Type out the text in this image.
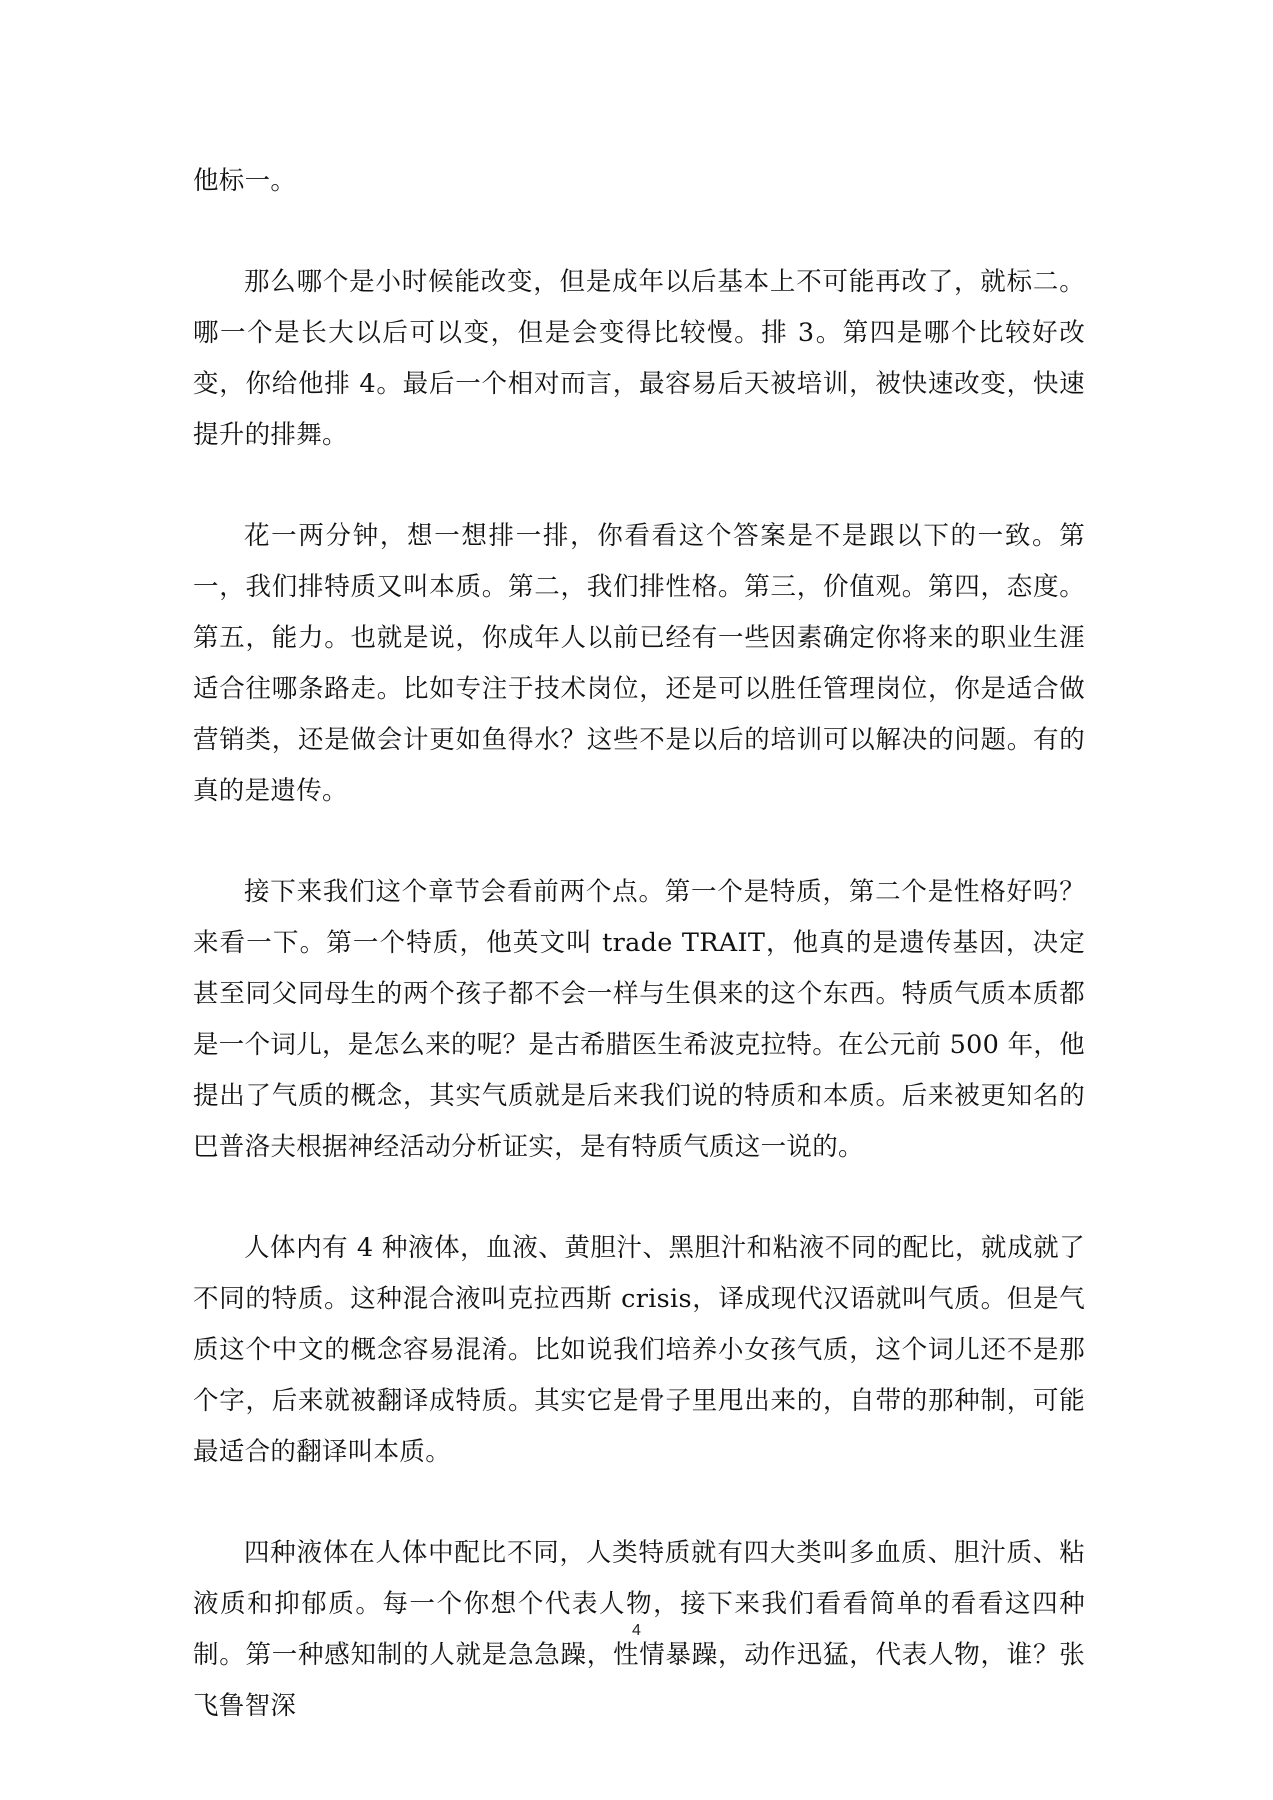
他标一。

那么哪个是小时候能改变，但是成年以后基本上不可能再改了，就标二。哪一个是长大以后可以变，但是会变得比较慢。排 3。第四是哪个比较好改变，你给他排 4。最后一个相对而言，最容易后天被培训，被快速改变，快速提升的排舞。

花一两分钟，想一想排一排，你看看这个答案是不是跟以下的一致。第一，我们排特质又叫本质。第二，我们排性格。第三，价值观。第四，态度。第五，能力。也就是说，你成年人以前已经有一些因素确定你将来的职业生涯适合往哪条路走。比如专注于技术岗位，还是可以胜任管理岗位，你是适合做营销类，还是做会计更如鱼得水？这些不是以后的培训可以解决的问题。有的真的是遗传。

接下来我们这个章节会看前两个点。第一个是特质，第二个是性格好吗？来看一下。第一个特质，他英文叫 trade TRAIT，他真的是遗传基因，决定甚至同父同母生的两个孩子都不会一样与生俱来的这个东西。特质气质本质都是一个词儿，是怎么来的呢？是古希腊医生希波克拉特。在公元前 500 年，他提出了气质的概念，其实气质就是后来我们说的特质和本质。后来被更知名的巴普洛夫根据神经活动分析证实，是有特质气质这一说的。

人体内有 4 种液体，血液、黄胆汁、黑胆汁和粘液不同的配比，就成就了不同的特质。这种混合液叫克拉西斯 crisis，译成现代汉语就叫气质。但是气质这个中文的概念容易混淆。比如说我们培养小女孩气质，这个词儿还不是那个字，后来就被翻译成特质。其实它是骨子里甩出来的，自带的那种制，可能最适合的翻译叫本质。

四种液体在人体中配比不同，人类特质就有四大类叫多血质、胆汁质、粘液质和抑郁质。每一个你想个代表人物，接下来我们看看简单的看看这四种制。第一种感知制的人就是急急躁，性情暴躁，动作迅猛，代表人物，谁？张飞鲁智深

4
